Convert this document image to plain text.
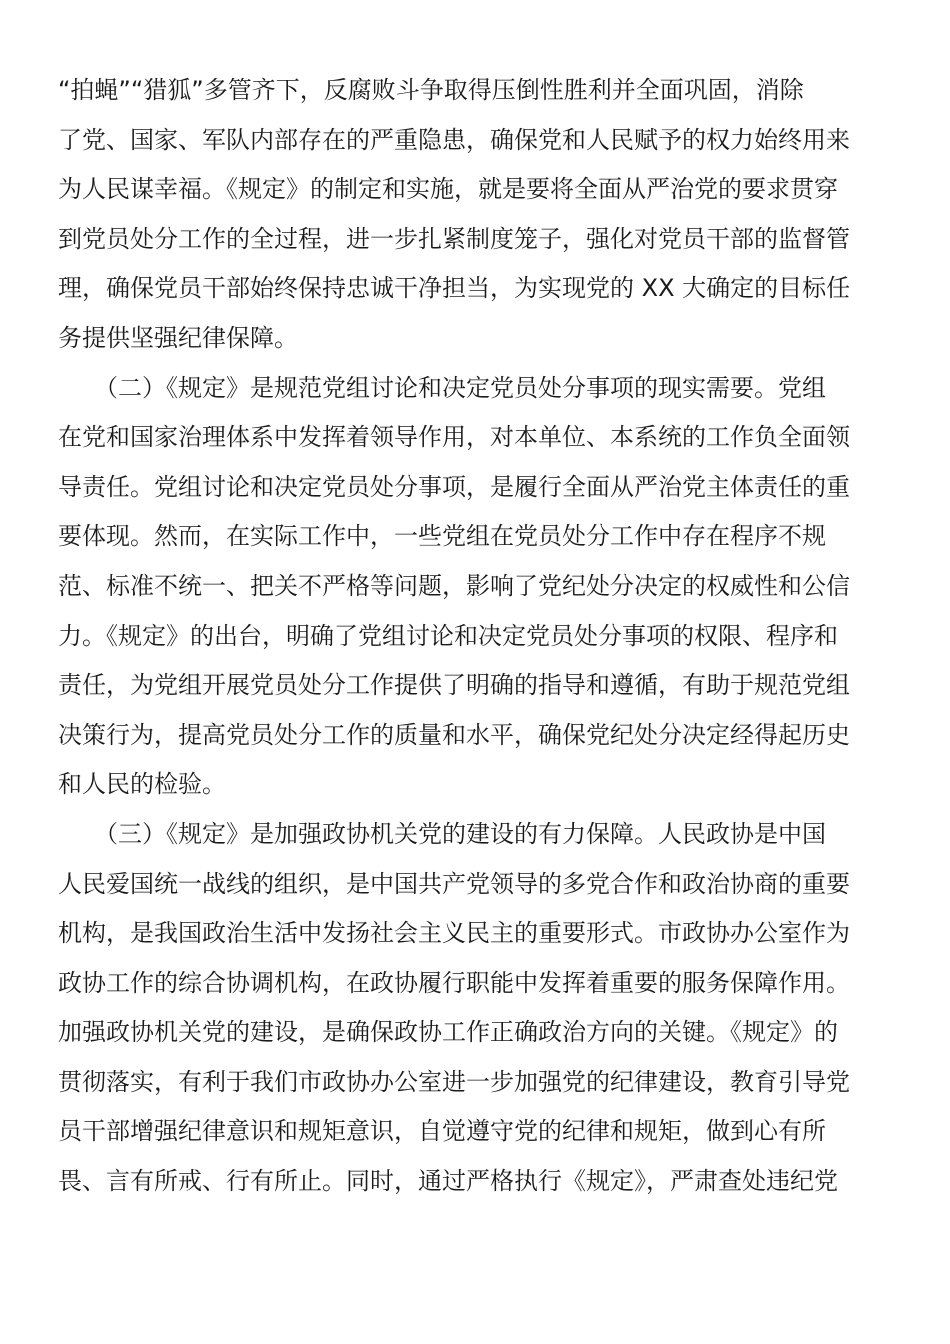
“拍蝇”“猎狐”多管齐下，反腐败斗争取得压倒性胜利并全面巩固，消除
了党、国家、军队内部存在的严重隐患，确保党和人民赋予的权力始终用来
为人民谋幸福。《规定》的制定和实施，就是要将全面从严治党的要求贯穿
到党员处分工作的全过程，进一步扎紧制度笼子，强化对党员干部的监督管
理，确保党员干部始终保持忠诚干净担当，为实现党的 XX 大确定的目标任
务提供坚强纪律保障。
　　（二）《规定》是规范党组讨论和决定党员处分事项的现实需要。党组
在党和国家治理体系中发挥着领导作用，对本单位、本系统的工作负全面领
导责任。党组讨论和决定党员处分事项，是履行全面从严治党主体责任的重
要体现。然而，在实际工作中，一些党组在党员处分工作中存在程序不规
范、标准不统一、把关不严格等问题，影响了党纪处分决定的权威性和公信
力。《规定》的出台，明确了党组讨论和决定党员处分事项的权限、程序和
责任，为党组开展党员处分工作提供了明确的指导和遵循，有助于规范党组
决策行为，提高党员处分工作的质量和水平，确保党纪处分决定经得起历史
和人民的检验。
　　（三）《规定》是加强政协机关党的建设的有力保障。人民政协是中国
人民爱国统一战线的组织，是中国共产党领导的多党合作和政治协商的重要
机构，是我国政治生活中发扬社会主义民主的重要形式。市政协办公室作为
政协工作的综合协调机构，在政协履行职能中发挥着重要的服务保障作用。
加强政协机关党的建设，是确保政协工作正确政治方向的关键。《规定》的
贯彻落实，有利于我们市政协办公室进一步加强党的纪律建设，教育引导党
员干部增强纪律意识和规矩意识，自觉遵守党的纪律和规矩，做到心有所
畏、言有所戒、行有所止。同时，通过严格执行《规定》，严肃查处违纪党
